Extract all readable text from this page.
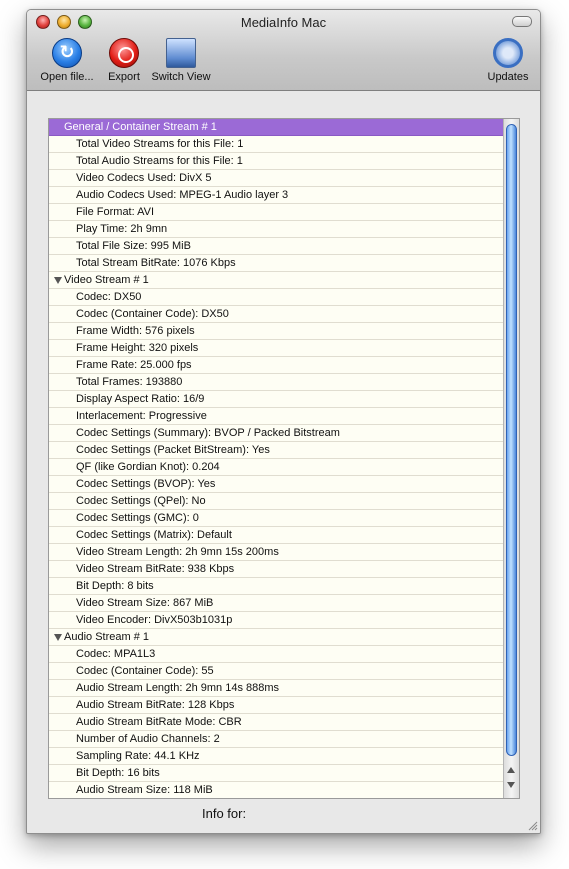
MediaInfo Mac
↻
Open file...	Export	Switch View	Updates
General / Container Stream # 1
Total Video Streams for this File: 1
Total Audio Streams for this File: 1
Video Codecs Used: DivX 5
Audio Codecs Used: MPEG-1 Audio layer 3
File Format: AVI
Play Time: 2h 9mn
Total File Size: 995 MiB
Total Stream BitRate: 1076 Kbps
Video Stream # 1
Codec: DX50
Codec (Container Code): DX50
Frame Width: 576 pixels
Frame Height: 320 pixels
Frame Rate: 25.000 fps
Total Frames: 193880
Display Aspect Ratio: 16/9
Interlacement: Progressive
Codec Settings (Summary): BVOP / Packed Bitstream
Codec Settings (Packet BitStream): Yes
QF (like Gordian Knot): 0.204
Codec Settings (BVOP): Yes
Codec Settings (QPel): No
Codec Settings (GMC): 0
Codec Settings (Matrix): Default
Video Stream Length: 2h 9mn 15s 200ms
Video Stream BitRate: 938 Kbps
Bit Depth: 8 bits
Video Stream Size: 867 MiB
Video Encoder: DivX503b1031p
Audio Stream # 1
Codec: MPA1L3
Codec (Container Code): 55
Audio Stream Length: 2h 9mn 14s 888ms
Audio Stream BitRate: 128 Kbps
Audio Stream BitRate Mode: CBR
Number of Audio Channels: 2
Sampling Rate: 44.1 KHz
Bit Depth: 16 bits
Audio Stream Size: 118 MiB
Info for:
